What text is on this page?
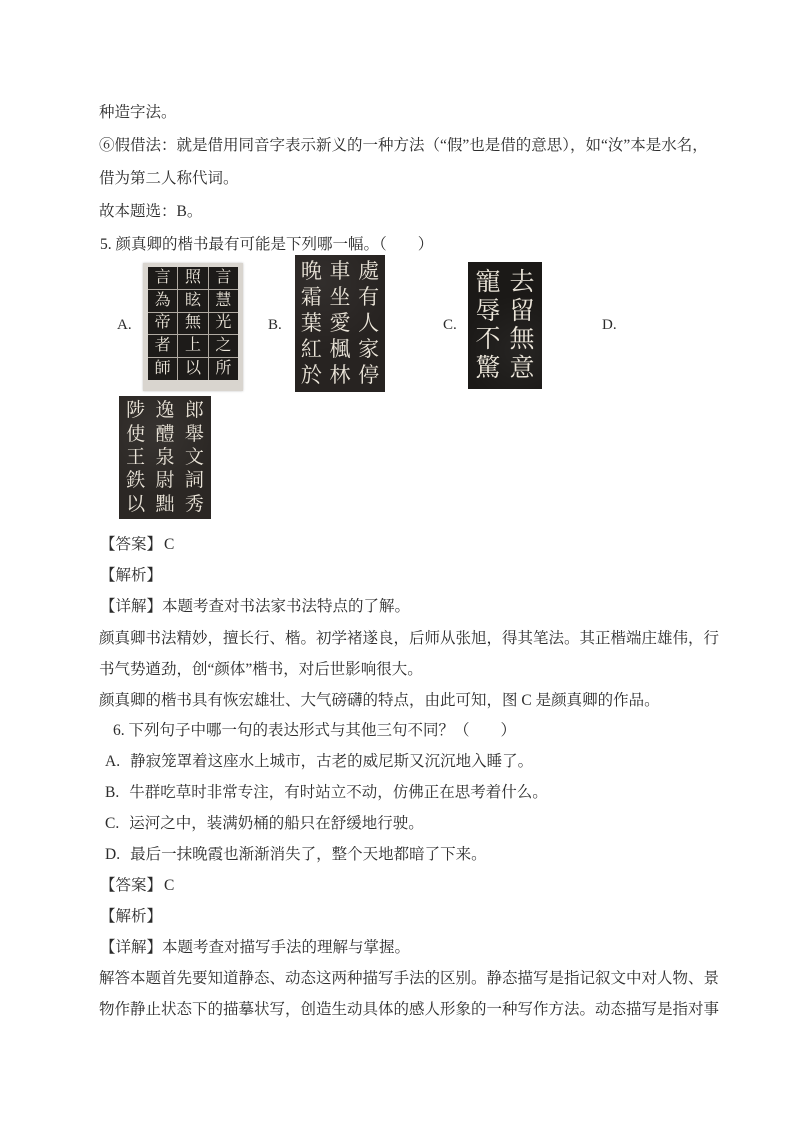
种造字法。
⑥假借法：就是借用同音字表示新义的一种方法（“假”也是借的意思），如“汝”本是水名，
借为第二人称代词。
故本题选：B。
5. 颜真卿的楷书最有可能是下列哪一幅。（　　）
A.
言
慧
光
之
所
照
眩
無
上
以
言
為
帝
者
師
B.
處
有
人
家
停
車
坐
愛
楓
林
晚
霜
葉
紅
於
C.
去
留
無
意
寵
辱
不
驚
D.
郎
舉
文
詞
秀
逸
醴
泉
尉
黜
陟
使
王
鉄
以
【答案】 C
【解析】
【详解】本题考查对书法家书法特点的了解。
颜真卿书法精妙，擅长行、楷。初学褚遂良，后师从张旭，得其笔法。其正楷端庄雄伟，行
书气势遒劲，创“颜体”楷书，对后世影响很大。
颜真卿的楷书具有恢宏雄壮、大气磅礴的特点，由此可知，图 C 是颜真卿的作品。
6. 下列句子中哪一句的表达形式与其他三句不同？（　　）
A. 静寂笼罩着这座水上城市，古老的威尼斯又沉沉地入睡了。
B. 牛群吃草时非常专注，有时站立不动，仿佛正在思考着什么。
C. 运河之中，装满奶桶的船只在舒缓地行驶。
D. 最后一抹晚霞也渐渐消失了，整个天地都暗了下来。
【答案】 C
【解析】
【详解】本题考查对描写手法的理解与掌握。
解答本题首先要知道静态、动态这两种描写手法的区别。静态描写是指记叙文中对人物、景
物作静止状态下的描摹状写，创造生动具体的感人形象的一种写作方法。动态描写是指对事
